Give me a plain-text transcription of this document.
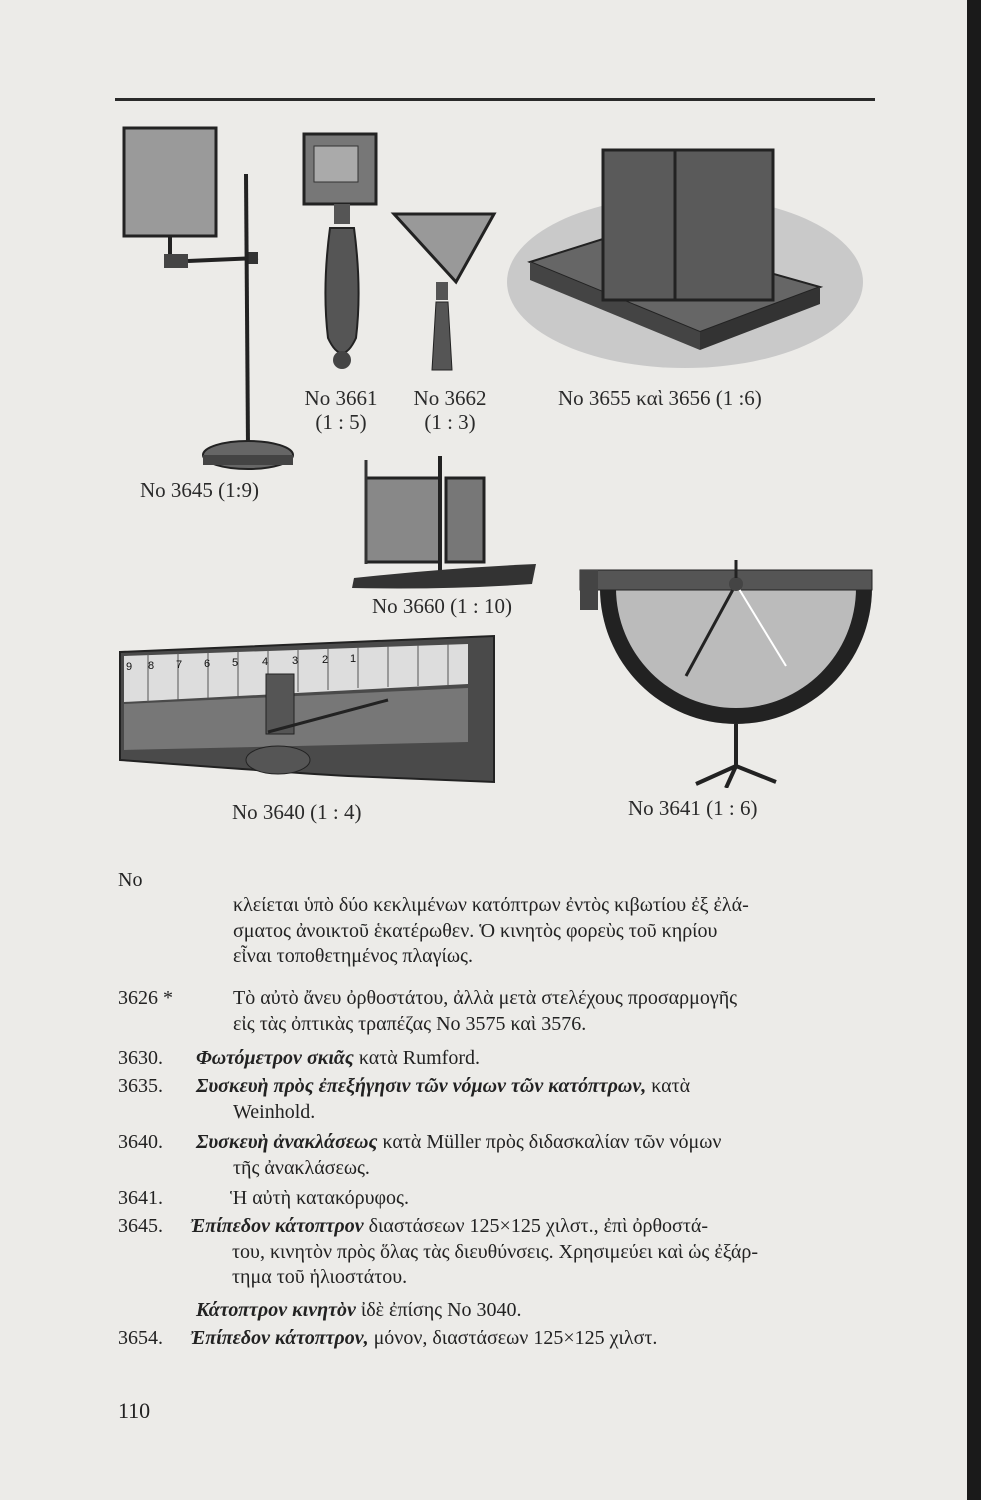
No 3645 (1:9)
No 3661
(1 : 5)
No 3662
(1 : 3)
No 3655 καὶ 3656 (1 :6)
No 3660 (1 : 10)
9 8 7 6 5 4 3 2 1
No 3640 (1 : 4)	No 3641 (1 : 6)
No
κλείεται ὑπὸ δύο κεκλιμένων κατόπτρων ἐντὸς κιβωτίου ἐξ ἐλά-
σματος ἀνοικτοῦ ἑκατέρωθεν. Ὁ κινητὸς φορεὺς τοῦ κηρίου
εἶναι τοποθετημένος πλαγίως.
3626 *	Τὸ αὐτὸ ἄνευ ὀρθοστάτου, ἀλλὰ μετὰ στελέχους προσαρμογῆς
εἰς τὰς ὀπτικὰς τραπέζας No 3575 καὶ 3576.
3630. Φωτόμετρον σκιᾶς κατὰ Rumford.
3635. Συσκευὴ πρὸς ἐπεξήγησιν τῶν νόμων τῶν κατόπτρων, κατὰ
Weinhold.
3640. Συσκευὴ ἀνακλάσεως κατὰ Müller πρὸς διδασκαλίαν τῶν νόμων
τῆς ἀνακλάσεως.
3641.	Ἡ αὐτὴ κατακόρυφος.
3645. Ἐπίπεδον κάτοπτρον διαστάσεων 125×125 χιλστ., ἐπὶ ὀρθοστά-
του, κινητὸν πρὸς ὅλας τὰς διευθύνσεις. Χρησιμεύει καὶ ὡς ἐξάρ-
τημα τοῦ ἡλιοστάτου.
Κάτοπτρον κινητὸν ἰδὲ ἐπίσης No 3040.
3654. Ἐπίπεδον κάτοπτρον, μόνον, διαστάσεων 125×125 χιλστ.
110
